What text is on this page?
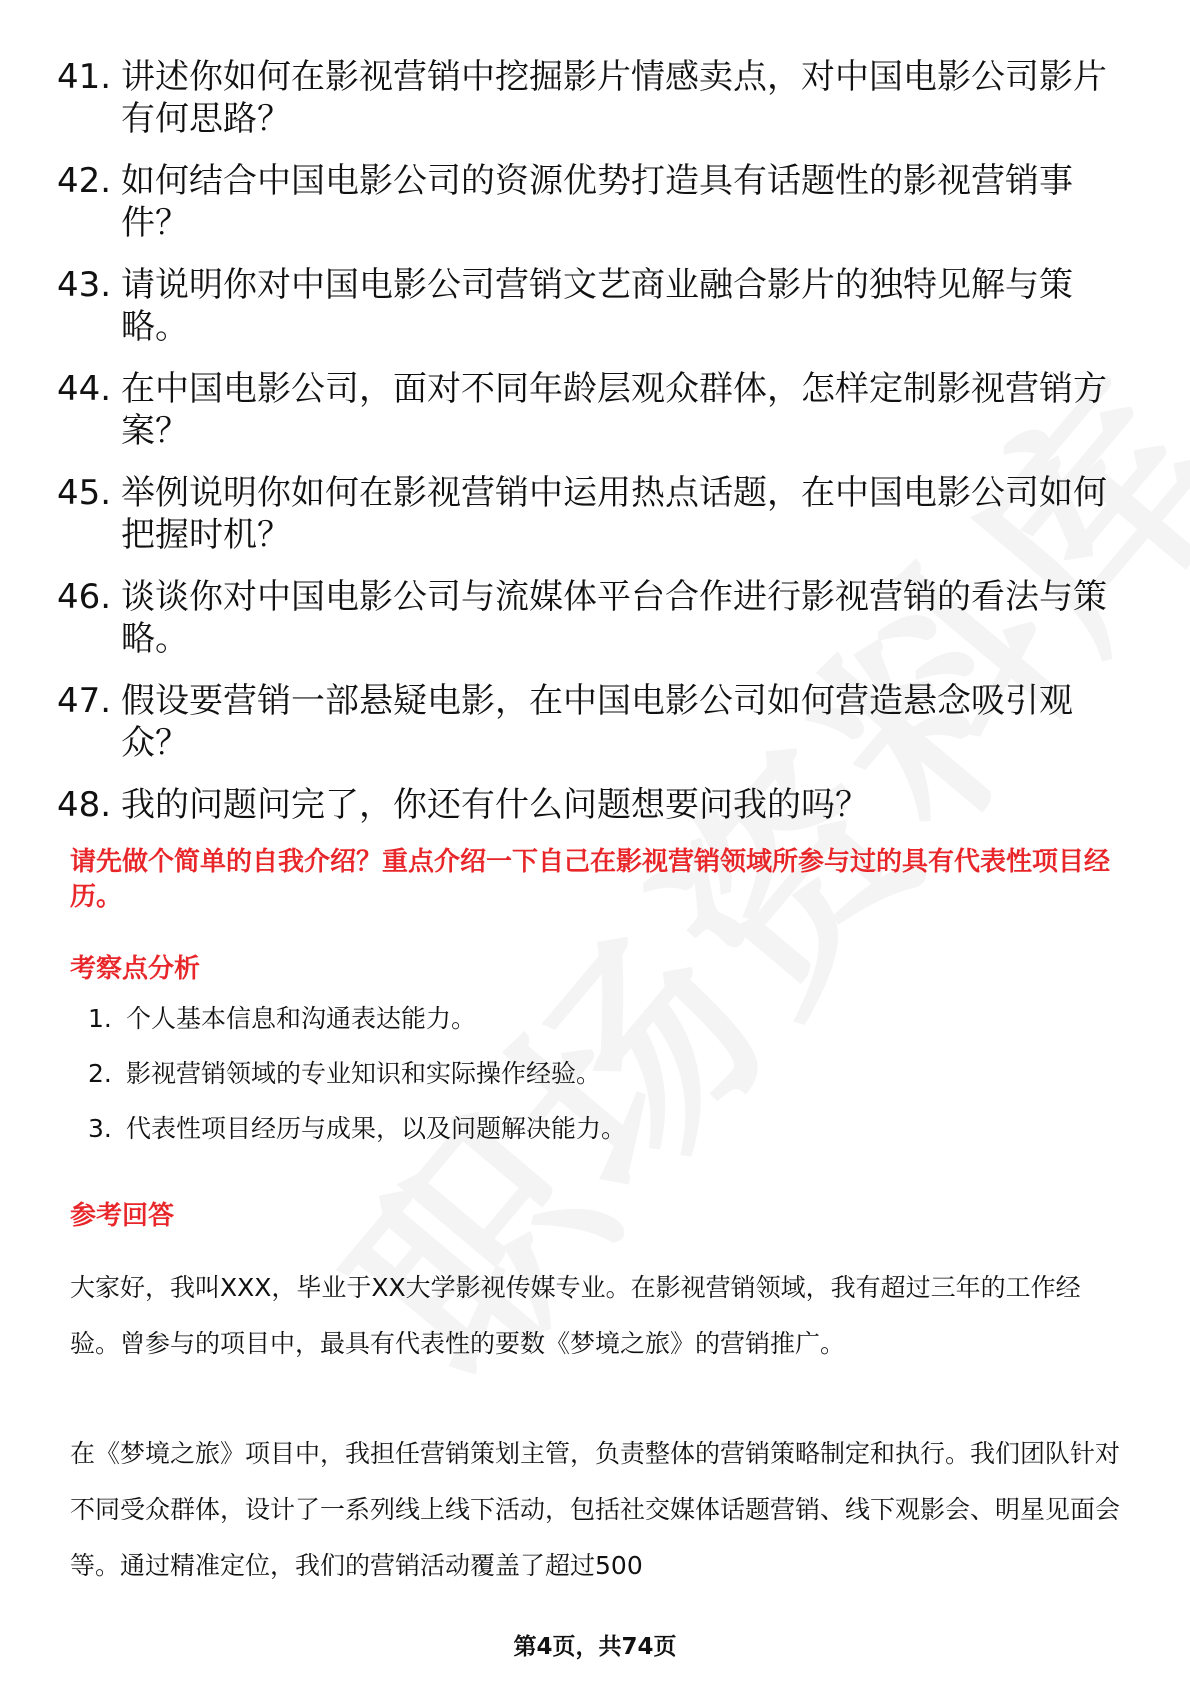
41. 讲述你如何在影视营销中挖掘影片情感卖点，对中国电影公司影片有何思路？
42. 如何结合中国电影公司的资源优势打造具有话题性的影视营销事件？
43. 请说明你对中国电影公司营销文艺商业融合影片的独特见解与策略。
44. 在中国电影公司，面对不同年龄层观众群体，怎样定制影视营销方案？
45. 举例说明你如何在影视营销中运用热点话题，在中国电影公司如何把握时机？
46. 谈谈你对中国电影公司与流媒体平台合作进行影视营销的看法与策略。
47. 假设要营销一部悬疑电影，在中国电影公司如何营造悬念吸引观众？
48. 我的问题问完了，你还有什么问题想要问我的吗？
请先做个简单的自我介绍？重点介绍一下自己在影视营销领域所参与过的具有代表性项目经历。
考察点分析
1. 个人基本信息和沟通表达能力。
2. 影视营销领域的专业知识和实际操作经验。
3. 代表性项目经历与成果，以及问题解决能力。
参考回答

大家好，我叫XXX，毕业于XX大学影视传媒专业。在影视营销领域，我有超过三年的工作经验。曾参与的项目中，最具有代表性的要数《梦境之旅》的营销推广。

在《梦境之旅》项目中，我担任营销策划主管，负责整体的营销策略制定和执行。我们团队针对不同受众群体，设计了一系列线上线下活动，包括社交媒体话题营销、线下观影会、明星见面会等。通过精准定位，我们的营销活动覆盖了超过500

第4页，共74页
